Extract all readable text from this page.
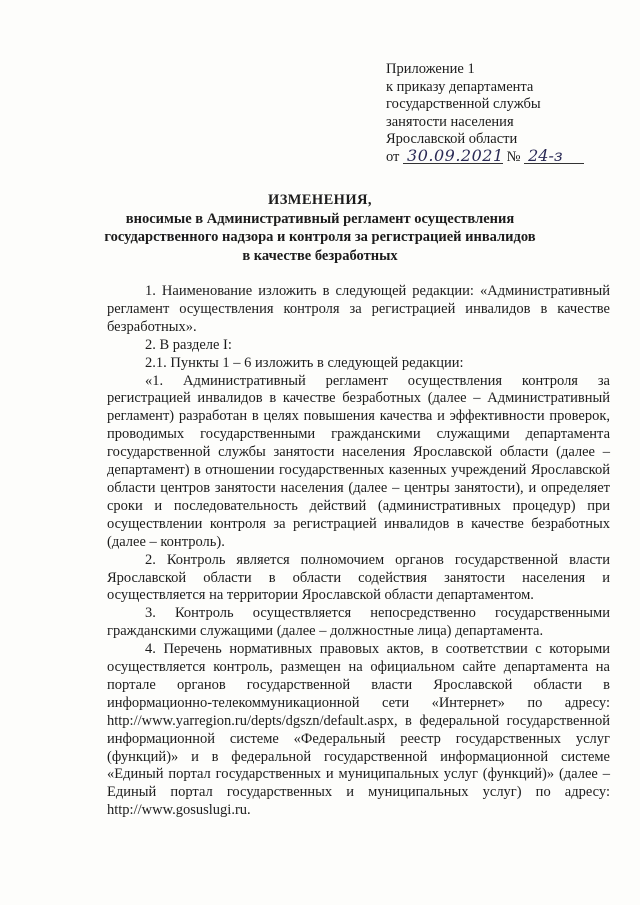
Приложение 1
к приказу департамента
государственной службы
занятости населения
Ярославской области
от 30.09.2021 № 24-з
ИЗМЕНЕНИЯ,
вносимые в Административный регламент осуществления
государственного надзора и контроля за регистрацией инвалидов
в качестве безработных

1. Наименование изложить в следующей редакции: «Административный регламент осуществления контроля за регистрацией инвалидов в качестве безработных».

2. В разделе I:

2.1. Пункты 1 – 6 изложить в следующей редакции:

«1. Административный регламент осуществления контроля за регистрацией инвалидов в качестве безработных (далее – Административный регламент) разработан в целях повышения качества и эффективности проверок, проводимых государственными гражданскими служащими департамента государственной службы занятости населения Ярославской области (далее – департамент) в отношении государственных казенных учреждений Ярославской области центров занятости населения (далее – центры занятости), и определяет сроки и последовательность действий (административных процедур) при осуществлении контроля за регистрацией инвалидов в качестве безработных (далее – контроль).

2. Контроль является полномочием органов государственной власти Ярославской области в области содействия занятости населения и осуществляется на территории Ярославской области департаментом.

3. Контроль осуществляется непосредственно государственными гражданскими служащими (далее – должностные лица) департамента.

4. Перечень нормативных правовых актов, в соответствии с которыми осуществляется контроль, размещен на официальном сайте департамента на портале органов государственной власти Ярославской области в информационно-телекоммуникационной сети «Интернет» по адресу: http://www.yarregion.ru/depts/dgszn/default.aspx, в федеральной государственной информационной системе «Федеральный реестр государственных услуг (функций)» и в федеральной государственной информационной системе «Единый портал государственных и муниципальных услуг (функций)» (далее – Единый портал государственных и муниципальных услуг) по адресу: http://www.gosuslugi.ru.
